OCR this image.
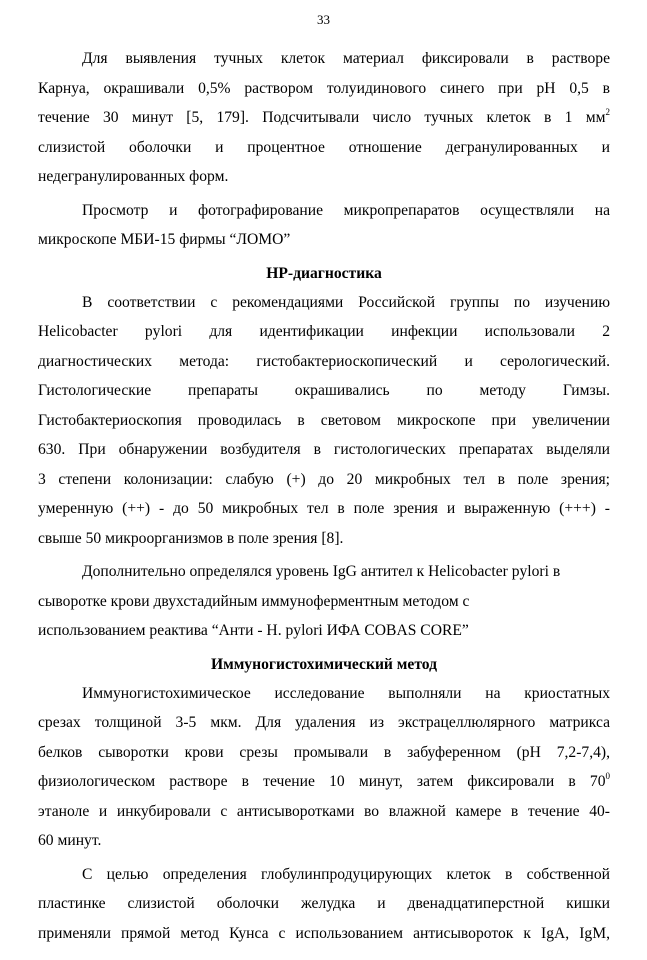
33
Для выявления тучных клеток материал фиксировали в растворе
Карнуа, окрашивали 0,5% раствором толуидинового синего при pH 0,5 в
течение 30 минут [5, 179]. Подсчитывали число тучных клеток в 1 $мм^2$
слизистой оболочки и процентное отношение дегранулированных и
недегранулированных форм.
Просмотр и фотографирование микропрепаратов осуществляли на
микроскопе МБИ-15 фирмы “ЛОМО”
HP-диагностика
В соответствии с рекомендациями Российской группы по изучению
Helicobacter pylori для идентификации инфекции использовали 2
диагностических метода: гистобактериоскопический и серологический.
Гистологические препараты окрашивались по методу Гимзы.
Гистобактериоскопия проводилась в световом микроскопе при увеличении
630. При обнаружении возбудителя в гистологических препаратах выделяли
3 степени колонизации: слабую (+) до 20 микробных тел в поле зрения;
умеренную (++) - до 50 микробных тел в поле зрения и выраженную (+++) -
свыше 50 микроорганизмов в поле зрения [8].
Дополнительно определялся уровень IgG антител к Helicobacter pylori в
сыворотке крови двухстадийным иммуноферментным методом с
использованием реактива “Анти - H. pylori ИФА COBAS CORE”
Иммуногистохимический метод
Иммуногистохимическое исследование выполняли на криостатных
срезах толщиной 3-5 мкм. Для удаления из экстрацеллюлярного матрикса
белков сыворотки крови срезы промывали в забуференном (pH 7,2-7,4),
физиологическом растворе в течение 10 минут, затем фиксировали в $70^0$
этаноле и инкубировали с антисыворотками во влажной камере в течение 40-
60 минут.
С целью определения глобулинпродуцирующих клеток в собственной
пластинке слизистой оболочки желудка и двенадцатиперстной кишки
применяли прямой метод Кунса с использованием антисывороток к IgA, IgM,
